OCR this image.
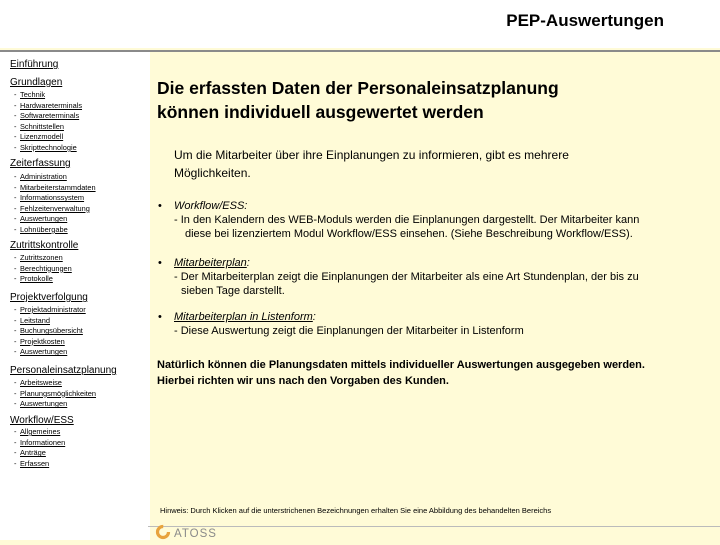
PEP-Auswertungen
Einführung
Grundlagen
- Technik
- Hardwareterminals
- Softwareterminals
- Schnittstellen
- Lizenzmodell
- Skripttechnologie
Zeiterfassung
- Administration
- Mitarbeiterstammdaten
- Informationssystem
- Fehlzeitenverwaltung
- Auswertungen
- Lohnübergabe
Zutrittskontrolle
- Zutrittszonen
- Berechtigungen
- Protokolle
Projektverfolgung
- Projektadministrator
- Leitstand
- Buchungsübersicht
- Projektkosten
- Auswertungen
Personaleinsatzplanung
- Arbeitsweise
- Planungsmöglichkeiten
- Auswertungen
Workflow/ESS
- Allgemeines
- Informationen
- Anträge
- Erfassen
Die erfassten Daten der Personaleinsatzplanung
können individuell ausgewertet werden
Um die Mitarbeiter über ihre Einplanungen zu informieren, gibt es mehrere
Möglichkeiten.
• Workflow/ESS:
- In den Kalendern des WEB-Moduls werden die Einplanungen dargestellt. Der Mitarbeiter kann
diese bei lizenziertem Modul Workflow/ESS einsehen. (Siehe Beschreibung Workflow/ESS).
• Mitarbeiterplan:
- Der Mitarbeiterplan zeigt die Einplanungen der Mitarbeiter als eine Art Stundenplan, der bis zu
sieben Tage darstellt.
• Mitarbeiterplan in Listenform:
- Diese Auswertung zeigt die Einplanungen der Mitarbeiter in Listenform
Natürlich können die Planungsdaten mittels individueller Auswertungen ausgegeben werden.
Hierbei richten wir uns nach den Vorgaben des Kunden.
Hinweis: Durch Klicken auf die unterstrichenen Bezeichnungen erhalten Sie eine Abbildung des behandelten Bereichs
ATOSS
